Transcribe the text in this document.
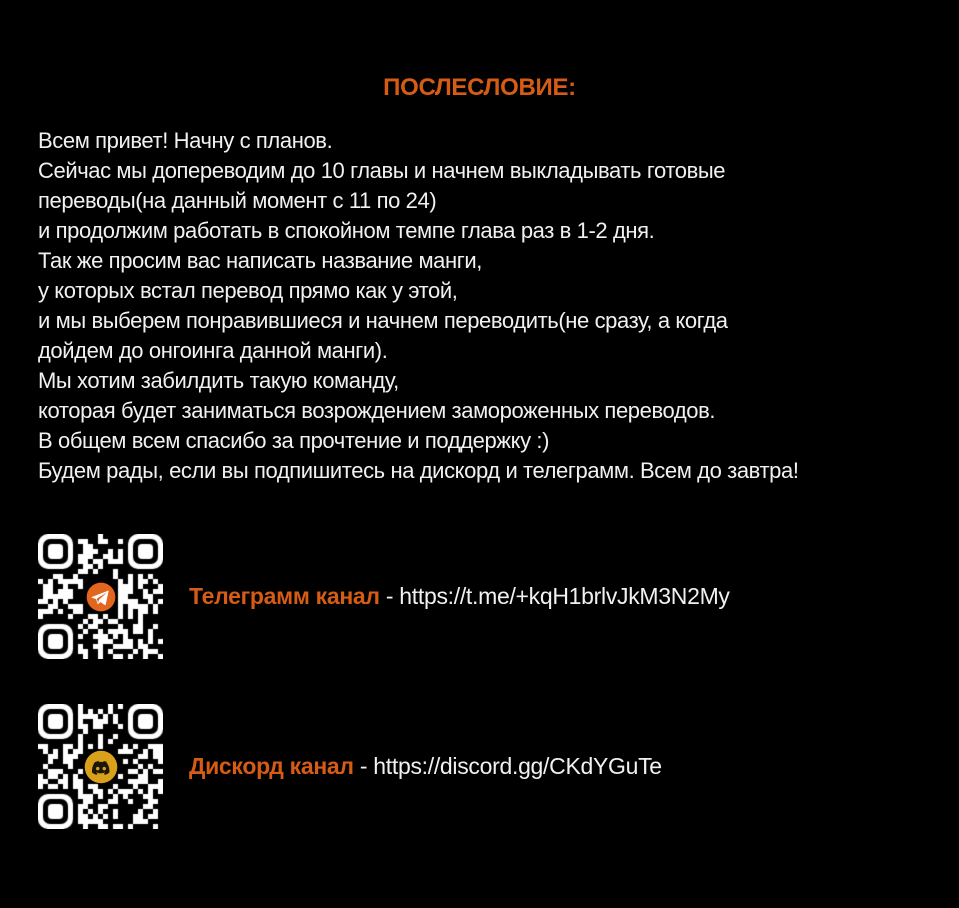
ПОСЛЕСЛОВИЕ:
Всем привет! Начну с планов.
Сейчас мы допереводим до 10 главы и начнем выкладывать готовые
переводы(на данный момент с 11 по 24)
и продолжим работать в спокойном темпе глава раз в 1-2 дня.
Так же просим вас написать название манги,
у которых встал перевод прямо как у этой,
и мы выберем понравившиеся и начнем переводить(не сразу, а когда
дойдем до онгоинга данной манги).
Мы хотим забилдить такую команду,
которая будет заниматься возрождением замороженных переводов.
В общем всем спасибо за прочтение и поддержку :)
Будем рады, если вы подпишитесь на дискорд и телеграмм. Всем до завтра!
Телеграмм канал - https://t.me/+kqH1brlvJkM3N2My
Дискорд канал - https://discord.gg/CKdYGuTe
